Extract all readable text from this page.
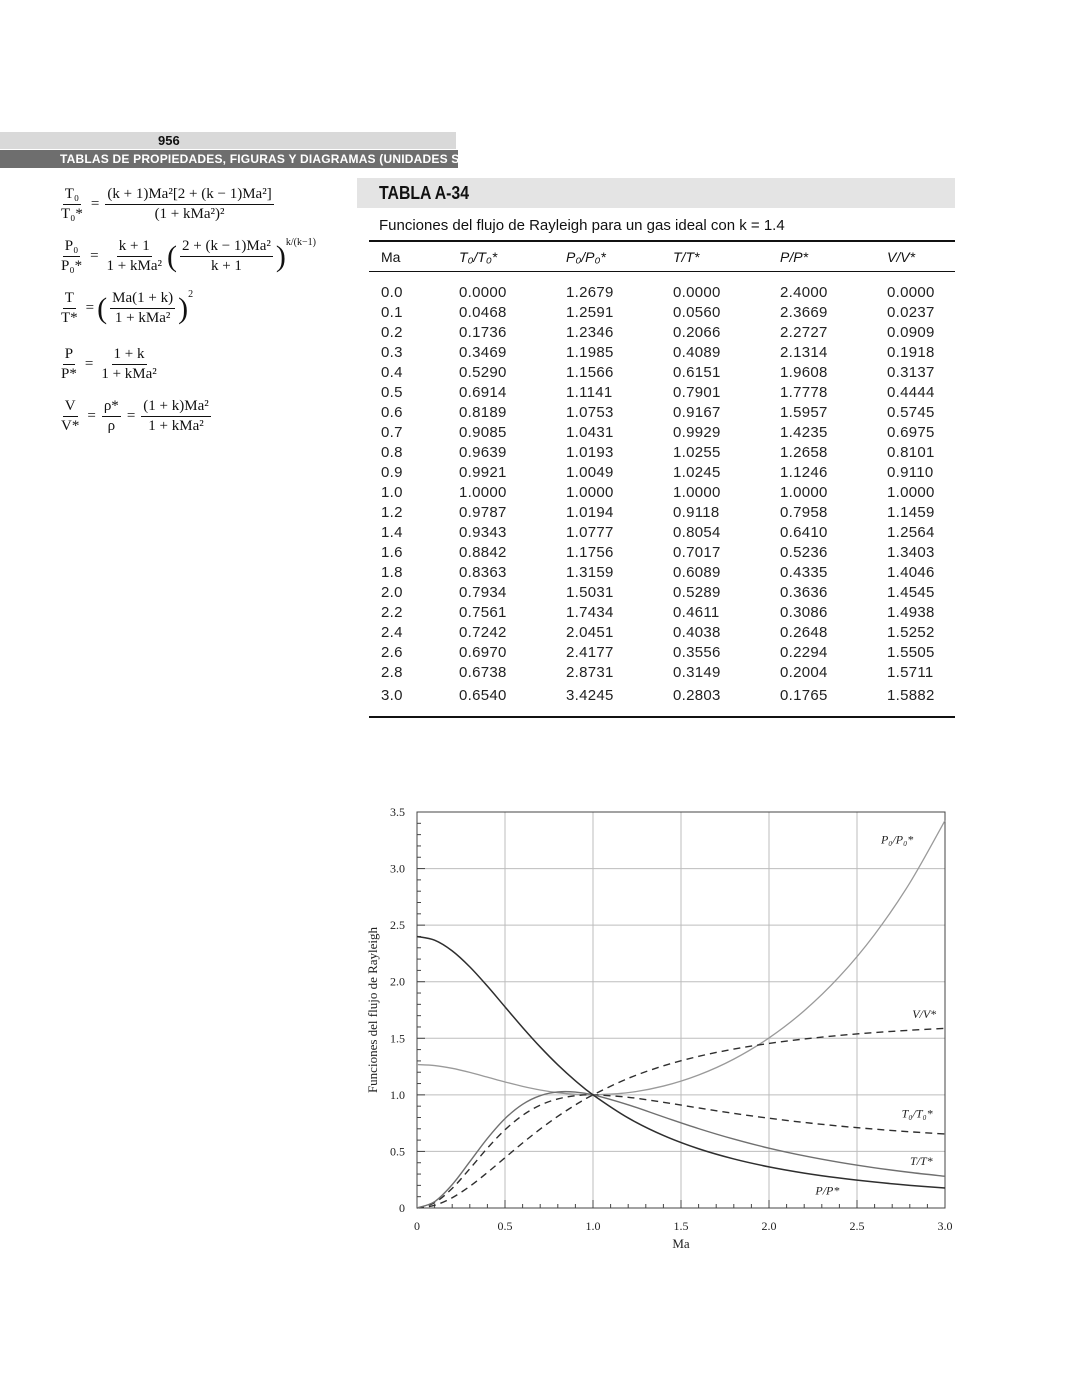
956
TABLAS DE PROPIEDADES, FIGURAS Y DIAGRAMAS (UNIDADES SI)
$\frac{\text{T₀}}{\text{T₀*}} = \frac{\text{(k + 1)Ma²[2 + (k − 1)Ma²]}}{\text{(1 + kMa²)²}}$
$\frac{\text{P₀}}{\text{P₀*}} = \frac{k + 1}{\text{1 + kMa²}}$ ( $\frac{\text{2 + (k − 1)Ma²}}{k + 1}$ ) k/(k−1)
$\frac{T}{T*}$ = ( $\frac{Ma(1 + k)}{\text{1 + kMa²}}$ ) 2
$\frac{P}{P*} = \frac{1 + k}{\text{1 + kMa²}}$
$\frac{V}{V*} = \frac{\rho*}{\rho} = \frac{\text{(1 + k)Ma²}}{\text{1 + kMa²}}$
TABLA A-34
Funciones del flujo de Rayleigh para un gas ideal con k = 1.4
Ma	T₀/T₀*	P₀/P₀*	T/T*	P/P*	V/V*
0.0	0.0000	1.2679	0.0000	2.4000	0.0000
0.1	0.0468	1.2591	0.0560	2.3669	0.0237
0.2	0.1736	1.2346	0.2066	2.2727	0.0909
0.3	0.3469	1.1985	0.4089	2.1314	0.1918
0.4	0.5290	1.1566	0.6151	1.9608	0.3137
0.5	0.6914	1.1141	0.7901	1.7778	0.4444
0.6	0.8189	1.0753	0.9167	1.5957	0.5745
0.7	0.9085	1.0431	0.9929	1.4235	0.6975
0.8	0.9639	1.0193	1.0255	1.2658	0.8101
0.9	0.9921	1.0049	1.0245	1.1246	0.9110
1.0	1.0000	1.0000	1.0000	1.0000	1.0000
1.2	0.9787	1.0194	0.9118	0.7958	1.1459
1.4	0.9343	1.0777	0.8054	0.6410	1.2564
1.6	0.8842	1.1756	0.7017	0.5236	1.3403
1.8	0.8363	1.3159	0.6089	0.4335	1.4046
2.0	0.7934	1.5031	0.5289	0.3636	1.4545
2.2	0.7561	1.7434	0.4611	0.3086	1.4938
2.4	0.7242	2.0451	0.4038	0.2648	1.5252
2.6	0.6970	2.4177	0.3556	0.2294	1.5505
2.8	0.6738	2.8731	0.3149	0.2004	1.5711
3.0	0.6540	3.4245	0.2803	0.1765	1.5882
0	0.5	1.0	1.5	2.0	2.5	3.0
0
0.5
1.0
1.5
2.0
2.5
3.0
3.5
Ma
Funciones del flujo de Rayleigh
P₀/P₀*
V/V*
T₀/T₀*
T/T*
P/P*
